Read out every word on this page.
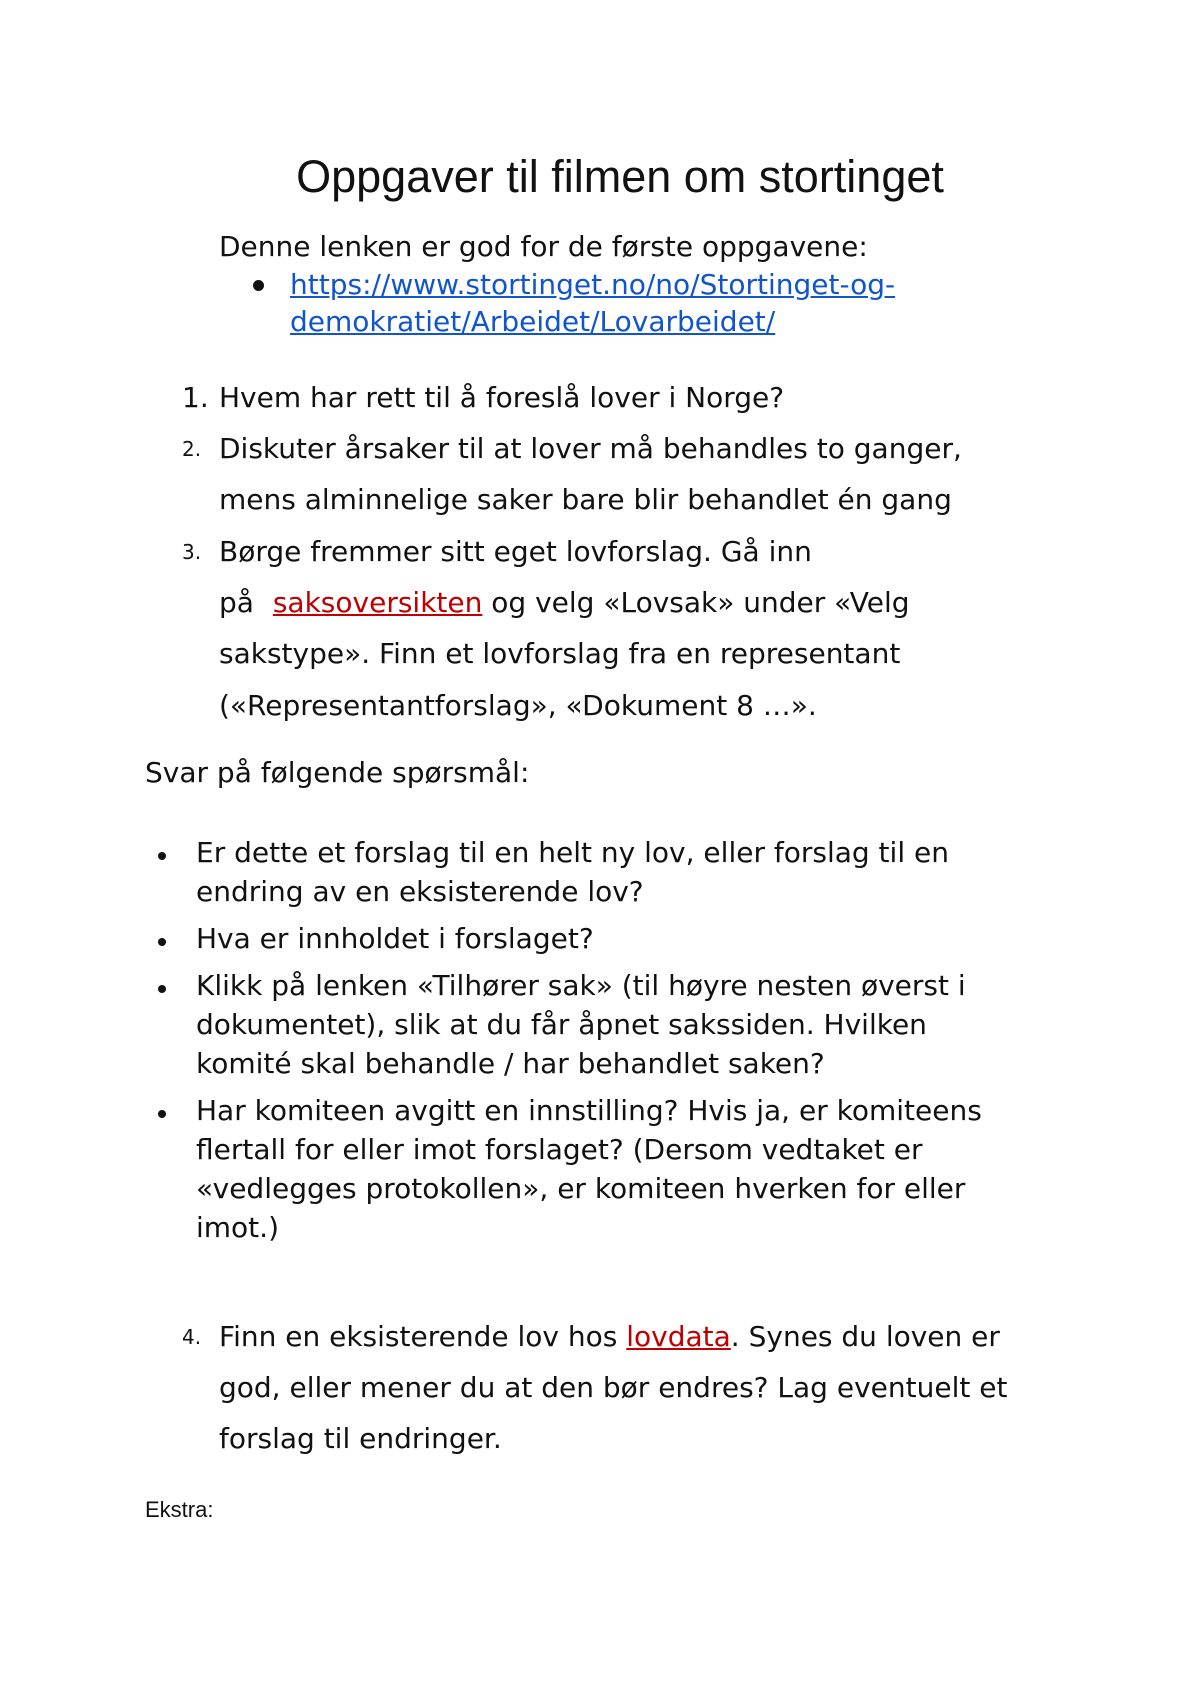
Oppgaver til filmen om stortinget

Denne lenken er god for de første oppgavene:

https://www.stortinget.no/no/Stortinget-og-
demokratiet/Arbeidet/Lovarbeidet/
1. Hvem har rett til å foreslå lover i Norge?

2. Diskuter årsaker til at lover må behandles to ganger,

mens alminnelige saker bare blir behandlet én gang

3. Børge fremmer sitt eget lovforslag. Gå inn

på saksoversikten og velg «Lovsak» under «Velg

sakstype». Finn et lovforslag fra en representant

(«Representantforslag», «Dokument 8 …».

Svar på følgende spørsmål:

Er dette et forslag til en helt ny lov, eller forslag til en

endring av en eksisterende lov?

Hva er innholdet i forslaget?

Klikk på lenken «Tilhører sak» (til høyre nesten øverst i

dokumentet), slik at du får åpnet sakssiden. Hvilken

komité skal behandle / har behandlet saken?

Har komiteen avgitt en innstilling? Hvis ja, er komiteens

flertall for eller imot forslaget? (Dersom vedtaket er

«vedlegges protokollen», er komiteen hverken for eller

imot.)

4. Finn en eksisterende lov hos lovdata. Synes du loven er

god, eller mener du at den bør endres? Lag eventuelt et

forslag til endringer.

Ekstra:
